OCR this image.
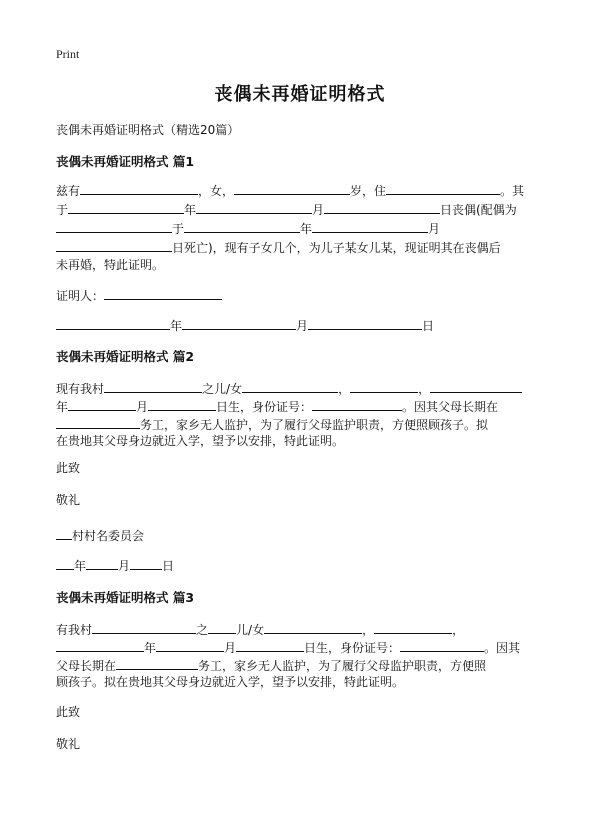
Print
丧偶未再婚证明格式
丧偶未再婚证明格式（精选20篇）
丧偶未再婚证明格式 篇1
兹有	，女，	岁，住	。其
于	年	月	日丧偶(配偶为
于	年	月
日死亡)，现有子女几个，为儿子某女儿某，现证明其在丧偶后
未再婚，特此证明。
证明人：
年	月	日
丧偶未再婚证明格式 篇2
现有我村	之儿/女	，	，
年	月	日生，身份证号：	。因其父母长期在
务工，家乡无人监护，为了履行父母监护职责，方便照顾孩子。拟
在贵地其父母身边就近入学，望予以安排，特此证明。
此致
敬礼
村村名委员会
年	月	日
丧偶未再婚证明格式 篇3
有我村	之 儿/女	，	，
年	月	日生，身份证号：	。因其
父母长期在	务工，家乡无人监护，为了履行父母监护职责，方便照
顾孩子。拟在贵地其父母身边就近入学，望予以安排，特此证明。
此致
敬礼
